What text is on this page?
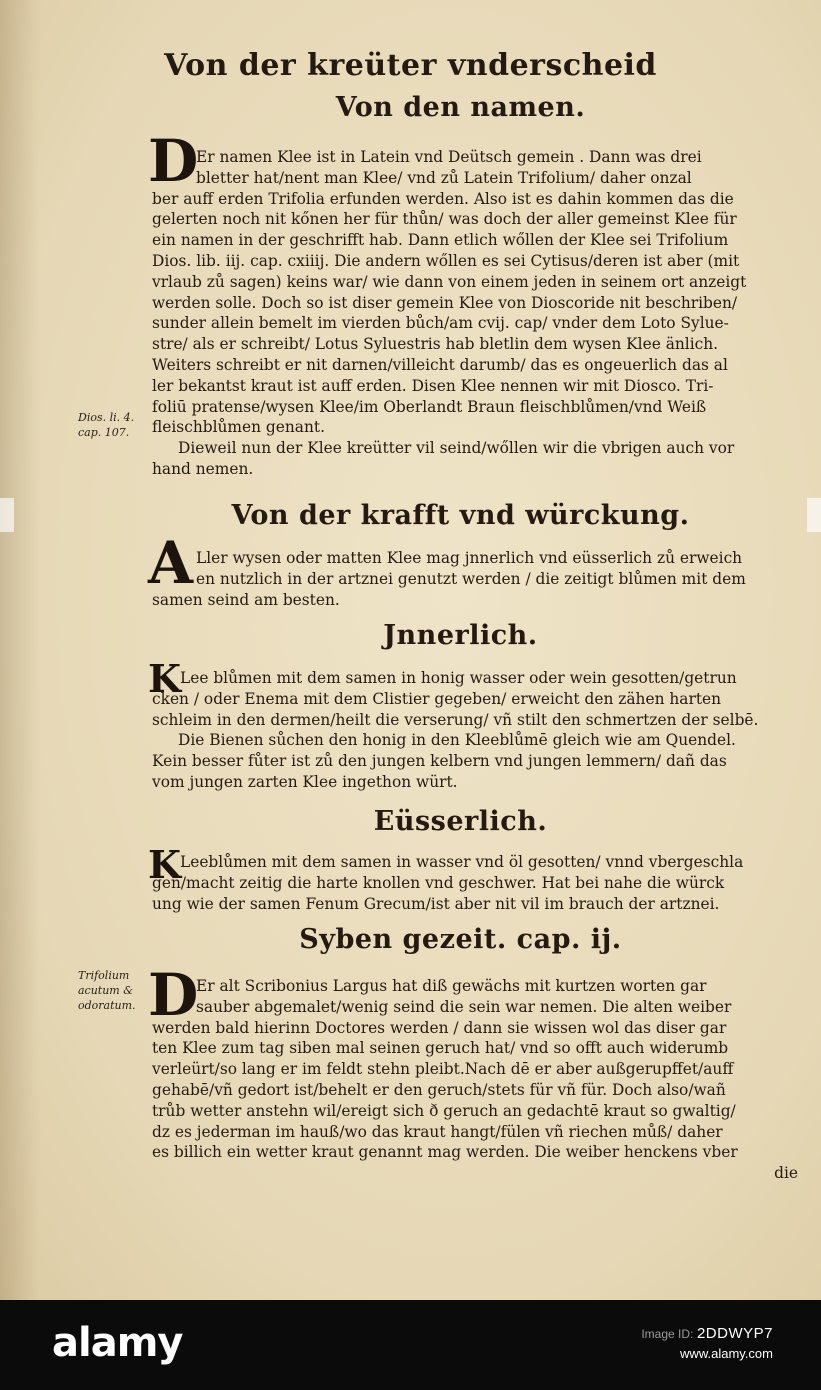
Von der kreüter vnderscheid
Von den namen.
D
Er namen Klee ist in Latein vnd Deütsch gemein . Dann was drei
bletter hat/nent man Klee/ vnd zů Latein Trifolium/ daher onzal
ber auff erden Trifolia erfunden werden. Also ist es dahin kommen das die
gelerten noch nit kőnen her für thůn/ was doch der aller gemeinst Klee für
ein namen in der geschrifft hab. Dann etlich wőllen der Klee sei Trifolium
Dios. lib. iij. cap. cxiiij. Die andern wőllen es sei Cytisus/deren ist aber (mit
vrlaub zů sagen) keins war/ wie dann von einem jeden in seinem ort anzeigt
werden solle. Doch so ist diser gemein Klee von Dioscoride nit beschriben/
sunder allein bemelt im vierden bůch/am cvij. cap/ vnder dem Loto Sylue-
stre/ als er schreibt/ Lotus Syluestris hab bletlin dem wysen Klee änlich.
Weiters schreibt er nit darnen/villeicht darumb/ das es ongeuerlich das al
ler bekantst kraut ist auff erden. Disen Klee nennen wir mit Diosco. Tri-
foliū pratense/wysen Klee/im Oberlandt Braun fleischblůmen/vnd Weiß
fleischblůmen genant.
Dieweil nun der Klee kreütter vil seind/wőllen wir die vbrigen auch vor
hand nemen.
Dios. li. 4.
cap. 107.
Von der krafft vnd würckung.
A Ller wysen oder matten Klee mag jnnerlich vnd eüsserlich zů erweich
en nutzlich in der artznei genutzt werden / die zeitigt blůmen mit dem
samen seind am besten.
Jnnerlich.
K
Lee blůmen mit dem samen in honig wasser oder wein gesotten/getrun
cken / oder Enema mit dem Clistier gegeben/ erweicht den zähen harten
schleim in den dermen/heilt die verserung/ vñ stilt den schmertzen der selbē.
Die Bienen sůchen den honig in den Kleeblůmē gleich wie am Quendel.
Kein besser fůter ist zů den jungen kelbern vnd jungen lemmern/ dañ das
vom jungen zarten Klee ingethon würt.
Eüsserlich.
K
Leeblůmen mit dem samen in wasser vnd öl gesotten/ vnnd vbergeschla
gen/macht zeitig die harte knollen vnd geschwer. Hat bei nahe die würck
ung wie der samen Fenum Grecum/ist aber nit vil im brauch der artznei.
Syben gezeit. cap. ij.
D
Er alt Scribonius Largus hat diß gewächs mit kurtzen worten gar
sauber abgemalet/wenig seind die sein war nemen. Die alten weiber
werden bald hierinn Doctores werden / dann sie wissen wol das diser gar
ten Klee zum tag siben mal seinen geruch hat/ vnd so offt auch widerumb
verleürt/so lang er im feldt stehn pleibt.Nach dē er aber außgerupffet/auff
gehabē/vñ gedort ist/behelt er den geruch/stets für vñ für. Doch also/wañ
trůb wetter anstehn wil/ereigt sich ð geruch an gedachtē kraut so gwaltig/
dz es jederman im hauß/wo das kraut hangt/fülen vñ riechen můß/ daher
es billich ein wetter kraut genannt mag werden. Die weiber henckens vber
die
Trifolium
acutum &
odoratum.
alamy	Image ID: 2DDWYP7
www.alamy.com
